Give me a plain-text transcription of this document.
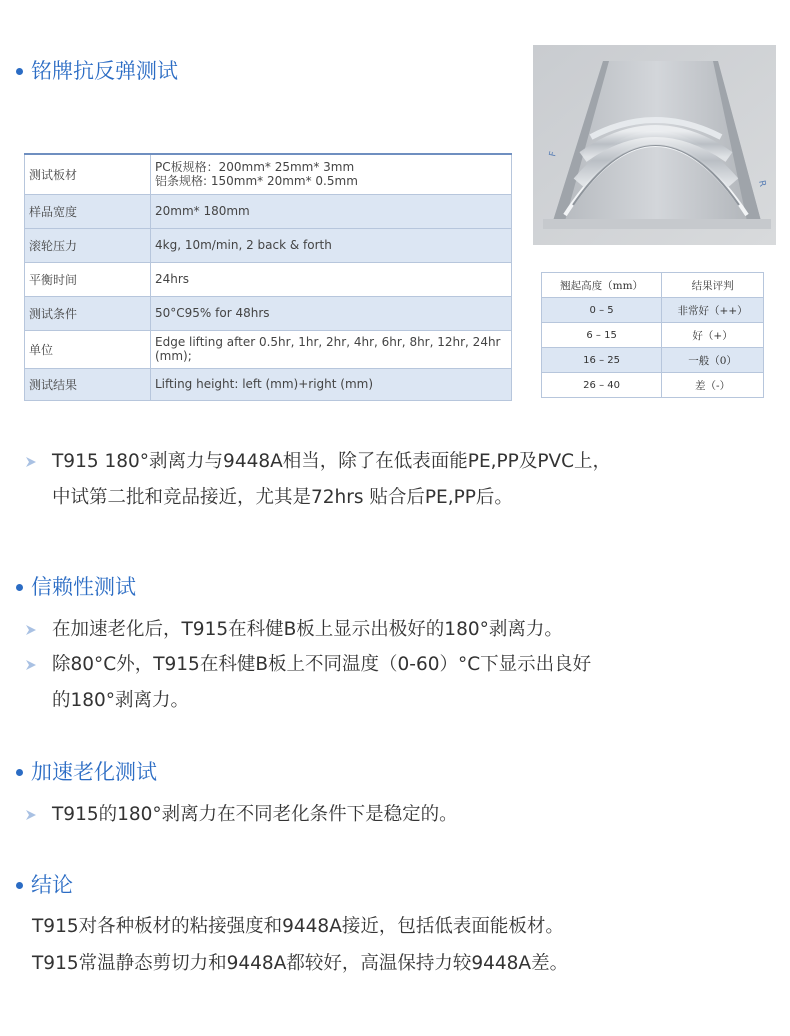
铭牌抗反弹测试
F
R
测试板材	PC板规格：200mm* 25mm* 3mm
铝条规格: 150mm* 20mm* 0.5mm

样品宽度	20mm* 180mm
滚轮压力	4kg, 10m/min, 2 back & forth
平衡时间	24hrs
测试条件	50°C95% for 48hrs
单位	Edge lifting after 0.5hr, 1hr, 2hr, 4hr, 6hr, 8hr, 12hr, 24hr
(mm);

测试结果	Lifting height: left (mm)+right (mm)
翘起高度（mm）	结果评判
0 – 5	非常好（++）
6 – 15	好（+）
16 – 25	一般（0）
26 – 40	差（-）
T915 180°剥离力与9448A相当，除了在低表面能PE,PP及PVC上，
中试第二批和竞品接近，尤其是72hrs 贴合后PE,PP后。
信赖性测试
在加速老化后，T915在科健B板上显示出极好的180°剥离力。
除80°C外，T915在科健B板上不同温度（0-60）°C下显示出良好
的180°剥离力。
加速老化测试
T915的180°剥离力在不同老化条件下是稳定的。
结论
T915对各种板材的粘接强度和9448A接近，包括低表面能板材。
T915常温静态剪切力和9448A都较好，高温保持力较9448A差。
